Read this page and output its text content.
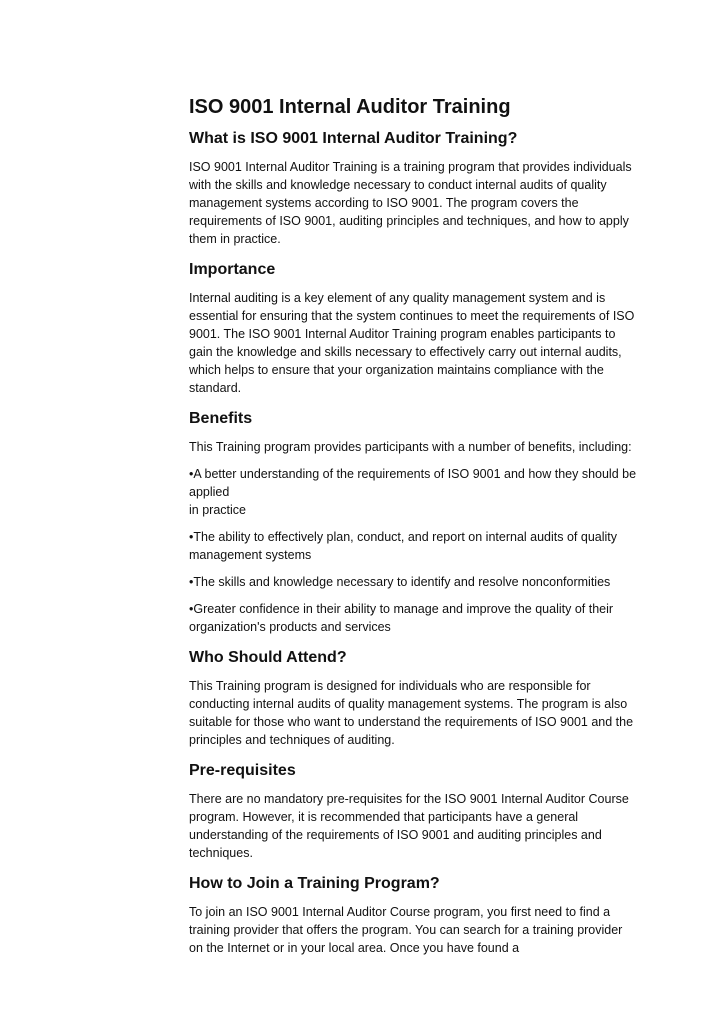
ISO 9001 Internal Auditor Training
What is ISO 9001 Internal Auditor Training?

ISO 9001 Internal Auditor Training is a training program that provides individuals with the skills and knowledge necessary to conduct internal audits of quality management systems according to ISO 9001. The program covers the requirements of ISO 9001, auditing principles and techniques, and how to apply them in practice.

Importance

Internal auditing is a key element of any quality management system and is essential for ensuring that the system continues to meet the requirements of ISO 9001. The ISO 9001 Internal Auditor Training program enables participants to gain the knowledge and skills necessary to effectively carry out internal audits, which helps to ensure that your organization maintains compliance with the standard.

Benefits

This Training program provides participants with a number of benefits, including:

•A better understanding of the requirements of ISO 9001 and how they should be applied
in practice

•The ability to effectively plan, conduct, and report on internal audits of quality management systems

•The skills and knowledge necessary to identify and resolve nonconformities

•Greater confidence in their ability to manage and improve the quality of their
organization's products and services

Who Should Attend?

This Training program is designed for individuals who are responsible for conducting internal audits of quality management systems. The program is also suitable for those who want to understand the requirements of ISO 9001 and the principles and techniques of auditing.

Pre-requisites

There are no mandatory pre-requisites for the ISO 9001 Internal Auditor Course program. However, it is recommended that participants have a general understanding of the requirements of ISO 9001 and auditing principles and techniques.

How to Join a Training Program?

To join an ISO 9001 Internal Auditor Course program, you first need to find a training provider that offers the program. You can search for a training provider on the Internet or in your local area. Once you have found a
